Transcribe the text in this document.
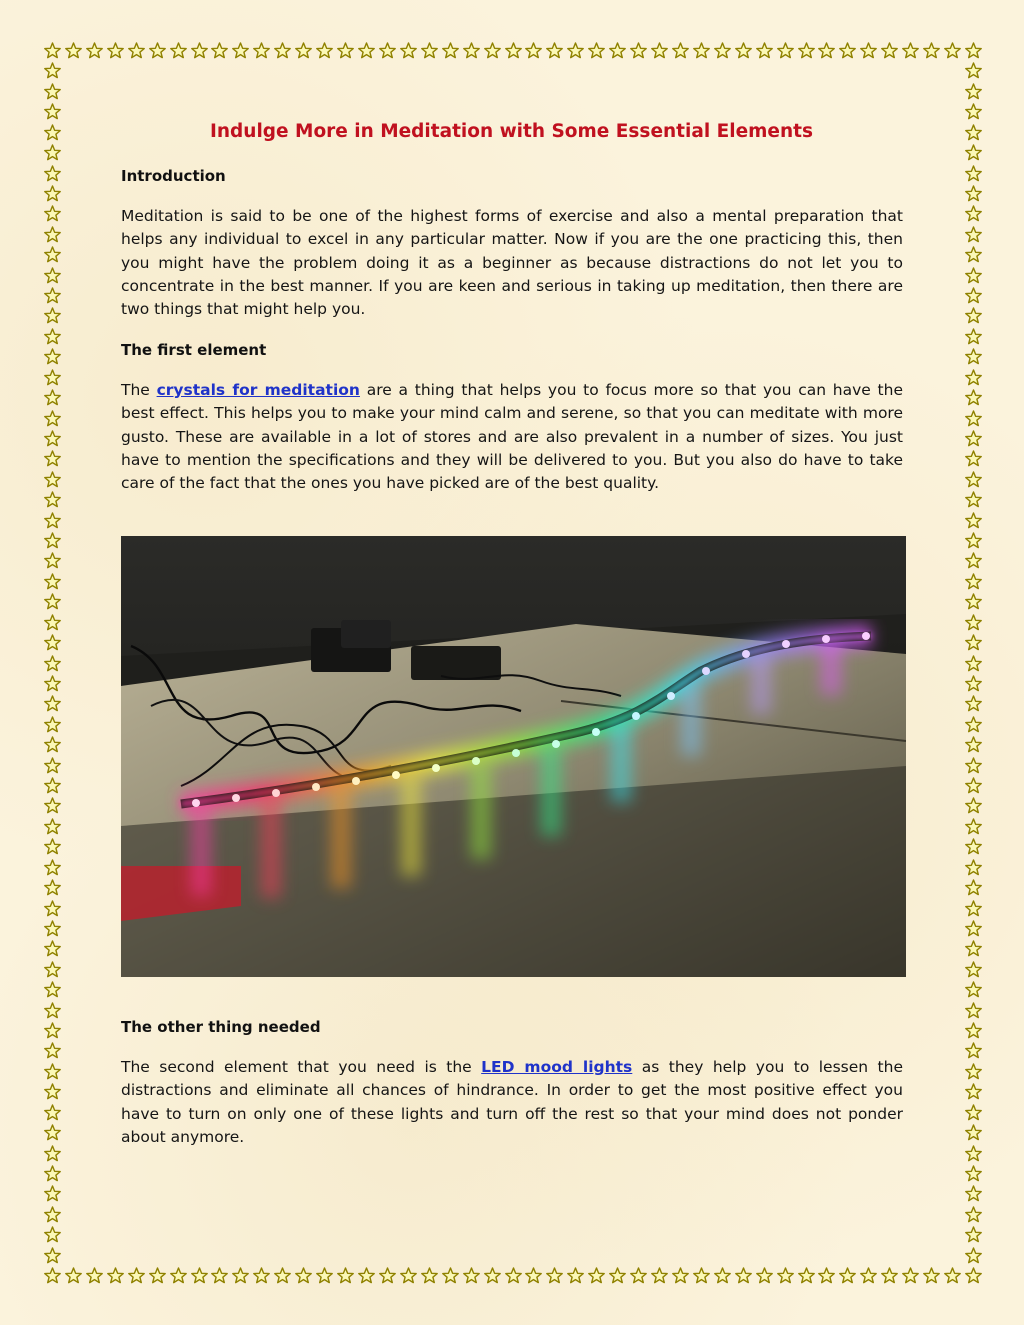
Indulge More in Meditation with Some Essential Elements
Introduction

Meditation is said to be one of the highest forms of exercise and also a mental preparation that helps any individual to excel in any particular matter. Now if you are the one practicing this, then you might have the problem doing it as a beginner as because distractions do not let you to concentrate in the best manner. If you are keen and serious in taking up meditation, then there are two things that might help you.

The first element

The crystals for meditation are a thing that helps you to focus more so that you can have the best effect. This helps you to make your mind calm and serene, so that you can meditate with more gusto. These are available in a lot of stores and are also prevalent in a number of sizes. You just have to mention the specifications and they will be delivered to you. But you also do have to take care of the fact that the ones you have picked are of the best quality.

The other thing needed

The second element that you need is the LED mood lights as they help you to lessen the distractions and eliminate all chances of hindrance. In order to get the most positive effect you have to turn on only one of these lights and turn off the rest so that your mind does not ponder about anymore.
